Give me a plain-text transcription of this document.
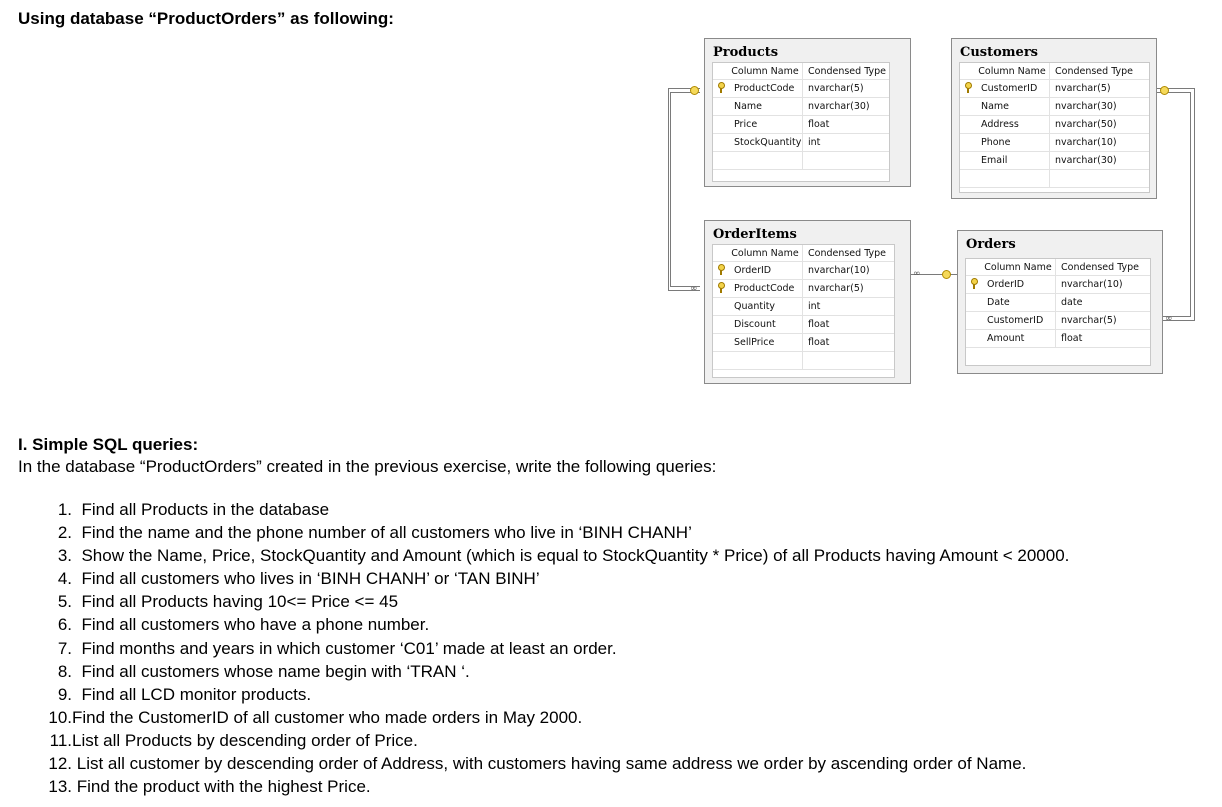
Using database “ProductOrders” as following:

∞
∞
∞
Products
Column Name Condensed Type
ProductCode	nvarchar(5)
Name	nvarchar(30)
Price	float
StockQuantity int
Customers
Column Name Condensed Type
CustomerID	nvarchar(5)
Name	nvarchar(30)
Address	nvarchar(50)
Phone	nvarchar(10)
Email	nvarchar(30)
OrderItems
Column Name Condensed Type
OrderID	nvarchar(10)
ProductCode	nvarchar(5)
Quantity	int
Discount	float
SellPrice	float
Orders
Column Name Condensed Type
OrderID	nvarchar(10)
Date	date
CustomerID	nvarchar(5)
Amount	float

I. Simple SQL queries:

In the database “ProductOrders” created in the previous exercise, write the following queries:

1. Find all Products in the database
2. Find the name and the phone number of all customers who live in ‘BINH CHANH’
3. Show the Name, Price, StockQuantity and Amount (which is equal to StockQuantity * Price) of all Products having Amount < 20000.
4. Find all customers who lives in ‘BINH CHANH’ or ‘TAN BINH’
5. Find all Products having 10<= Price <= 45
6. Find all customers who have a phone number.
7. Find months and years in which customer ‘C01’ made at least an order.
8. Find all customers whose name begin with ‘TRAN ‘.
9. Find all LCD monitor products.
10.Find the CustomerID of all customer who made orders in May 2000.
11.List all Products by descending order of Price.
12. List all customer by descending order of Address, with customers having same address we order by ascending order of Name.
13. Find the product with the highest Price.
